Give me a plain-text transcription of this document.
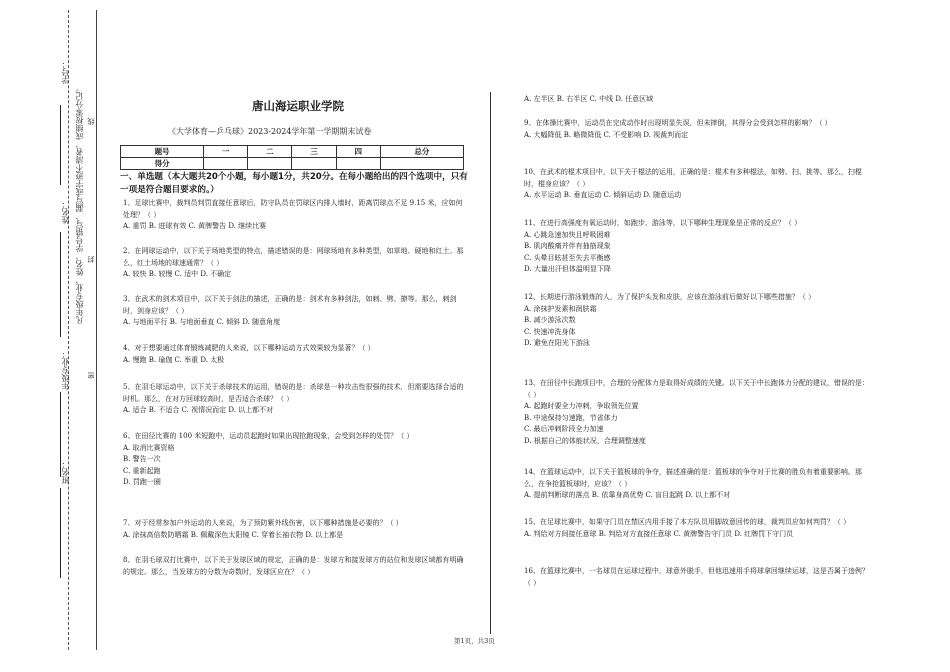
学号：
姓名：
年级专业：
班名：
凡年级专业、姓名、学号错写、漏写或字迹不清者，成绩按零分记。 线
封
密
唐山海运职业学院
《大学体育—乒乓球》2023-2024学年第一学期期末试卷
题号	一	二	三	四	总分
得分					
一、单选题（本大题共20个小题，每小题1分，共20分。在每小题给出的四个选项中，只有一项是符合题目要求的。）
1、足球比赛中，裁判员判罚直接任意球后，防守队员在罚球区内排人墙时，距离罚球点不足 9.15 米，应如何处理？（ ）
A. 重罚 B. 进球有效 C. 黄牌警告 D. 继续比赛
2、在网球运动中，以下关于场地类型的特点，描述错误的是：网球场地有多种类型，如草地、硬地和红土。那么，红土场地的球速通常？（ ）
A. 较快 B. 较慢 C. 适中 D. 不确定
3、在武术的剑术项目中，以下关于剑法的描述，正确的是：剑术有多种剑法，如刺、劈、撩等。那么，刺剑时，剑身应该？（ ）
A. 与地面平行 B. 与地面垂直 C. 倾斜 D. 随意角度
4、对于想要通过体育锻炼减肥的人来说，以下哪种运动方式效果较为显著？（ ）
A. 慢跑 B. 瑜伽 C. 举重 D. 太极
5、在羽毛球运动中，以下关于杀球技术的运用，错误的是：杀球是一种攻击性很强的技术，但需要选择合适的时机。那么，在对方回球较高时，是否适合杀球？（ ）
A. 适合 B. 不适合 C. 视情况而定 D. 以上都不对
6、在田径比赛的 100 米短跑中，运动员起跑时如果出现抢跑现象，会受到怎样的处罚？（ ）
A. 取消比赛资格
B. 警告一次
C. 重新起跑
D. 罚跑一圈
7、对于经常参加户外运动的人来说，为了预防紫外线伤害，以下哪种措施是必要的？（ ）
A. 涂抹高倍数防晒霜 B. 佩戴深色太阳镜 C. 穿着长袖衣物 D. 以上都是
8、在羽毛球双打比赛中，以下关于发球区域的规定，正确的是：发球方和接发球方的站位和发球区域都有明确的规定。那么，当发球方的分数为奇数时，发球区应在？（ ）
A. 左半区 B. 右半区 C. 中线 D. 任意区域
9、在体操比赛中，运动员在完成动作时出现明显失误，但未摔倒，其得分会受到怎样的影响？（ ）
A. 大幅降低 B. 略微降低 C. 不受影响 D. 视裁判而定
10、在武术的棍术项目中，以下关于棍法的运用，正确的是：棍术有多种棍法，如劈、扫、挑等。那么，扫棍时，棍身应该？（ ）
A. 水平运动 B. 垂直运动 C. 倾斜运动 D. 随意运动
11、在进行高强度有氧运动时，如跑步、游泳等，以下哪种生理现象是正常的反应？（ ）
A. 心跳急速加快且呼吸困难
B. 肌肉酸痛并伴有抽筋现象
C. 头晕目眩甚至失去平衡感
D. 大量出汗但体温明显下降
12、长期进行游泳锻炼的人，为了保护头发和皮肤，应该在游泳前后做好以下哪些措施？（ ）
A. 涂抹护发素和润肤霜
B. 减少游泳次数
C. 快速冲洗身体
D. 避免在阳光下游泳
13、在田径中长跑项目中，合理的分配体力是取得好成绩的关键。以下关于中长跑体力分配的建议，错误的是：（ ）
A. 起跑时要全力冲刺，争取领先位置
B. 中途保持匀速跑，节省体力
C. 最后冲刺阶段全力加速
D. 根据自己的体能状况，合理调整速度
14、在篮球运动中，以下关于篮板球的争夺，描述准确的是：篮板球的争夺对于比赛的胜负有着重要影响。那么，在争抢篮板球时，应该？（ ）
A. 提前判断球的落点 B. 依靠身高优势 C. 盲目起跳 D. 以上都不对
15、在足球比赛中，如果守门员在禁区内用手接了本方队员用脚故意回传的球，裁判员应如何判罚？（ ）
A. 判给对方间接任意球 B. 判给对方直接任意球 C. 黄牌警告守门员 D. 红牌罚下守门员
16、在篮球比赛中，一名球员在运球过程中，球意外脱手，但他迅速用手将球拿回继续运球，这是否属于违例？（ ）
第1页，共3页
